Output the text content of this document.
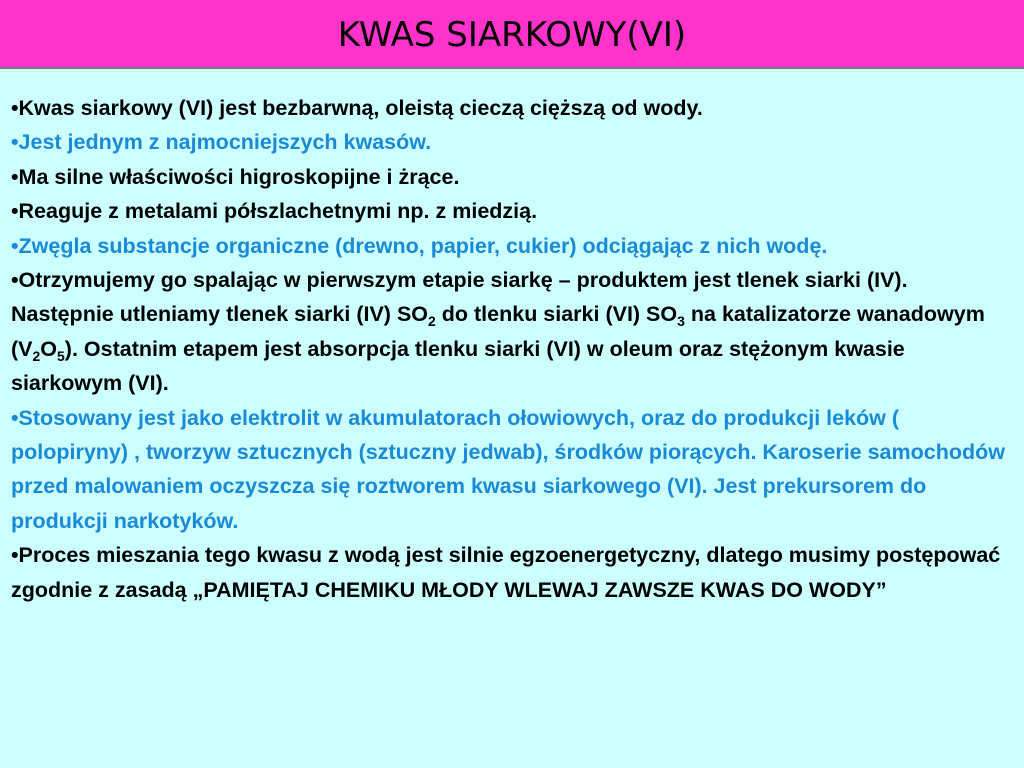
KWAS SIARKOWY(VI)

•Kwas siarkowy (VI) jest bezbarwną, oleistą cieczą cięższą od wody.

•Jest jednym z najmocniejszych kwasów.

•Ma silne właściwości higroskopijne i żrące.

•Reaguje z metalami półszlachetnymi np. z miedzią.

•Zwęgla substancje organiczne (drewno, papier, cukier) odciągając z nich wodę.

•Otrzymujemy go spalając w pierwszym etapie siarkę – produktem jest tlenek siarki (IV). Następnie utleniamy tlenek siarki (IV) $SO_2$ do tlenku siarki (VI) $SO_3$ na katalizatorze wanadowym $(V_2O_5)$. Ostatnim etapem jest absorpcja tlenku siarki (VI) w oleum oraz stężonym kwasie siarkowym (VI).

•Stosowany jest jako elektrolit w akumulatorach ołowiowych, oraz do produkcji leków ( polopiryny) , tworzyw sztucznych (sztuczny jedwab), środków piorących. Karoserie samochodów przed malowaniem oczyszcza się roztworem kwasu siarkowego (VI). Jest prekursorem do produkcji narkotyków.

•Proces mieszania tego kwasu z wodą jest silnie egzoenergetyczny, dlatego musimy postępować zgodnie z zasadą „PAMIĘTAJ CHEMIKU MŁODY WLEWAJ ZAWSZE KWAS DO WODY”
